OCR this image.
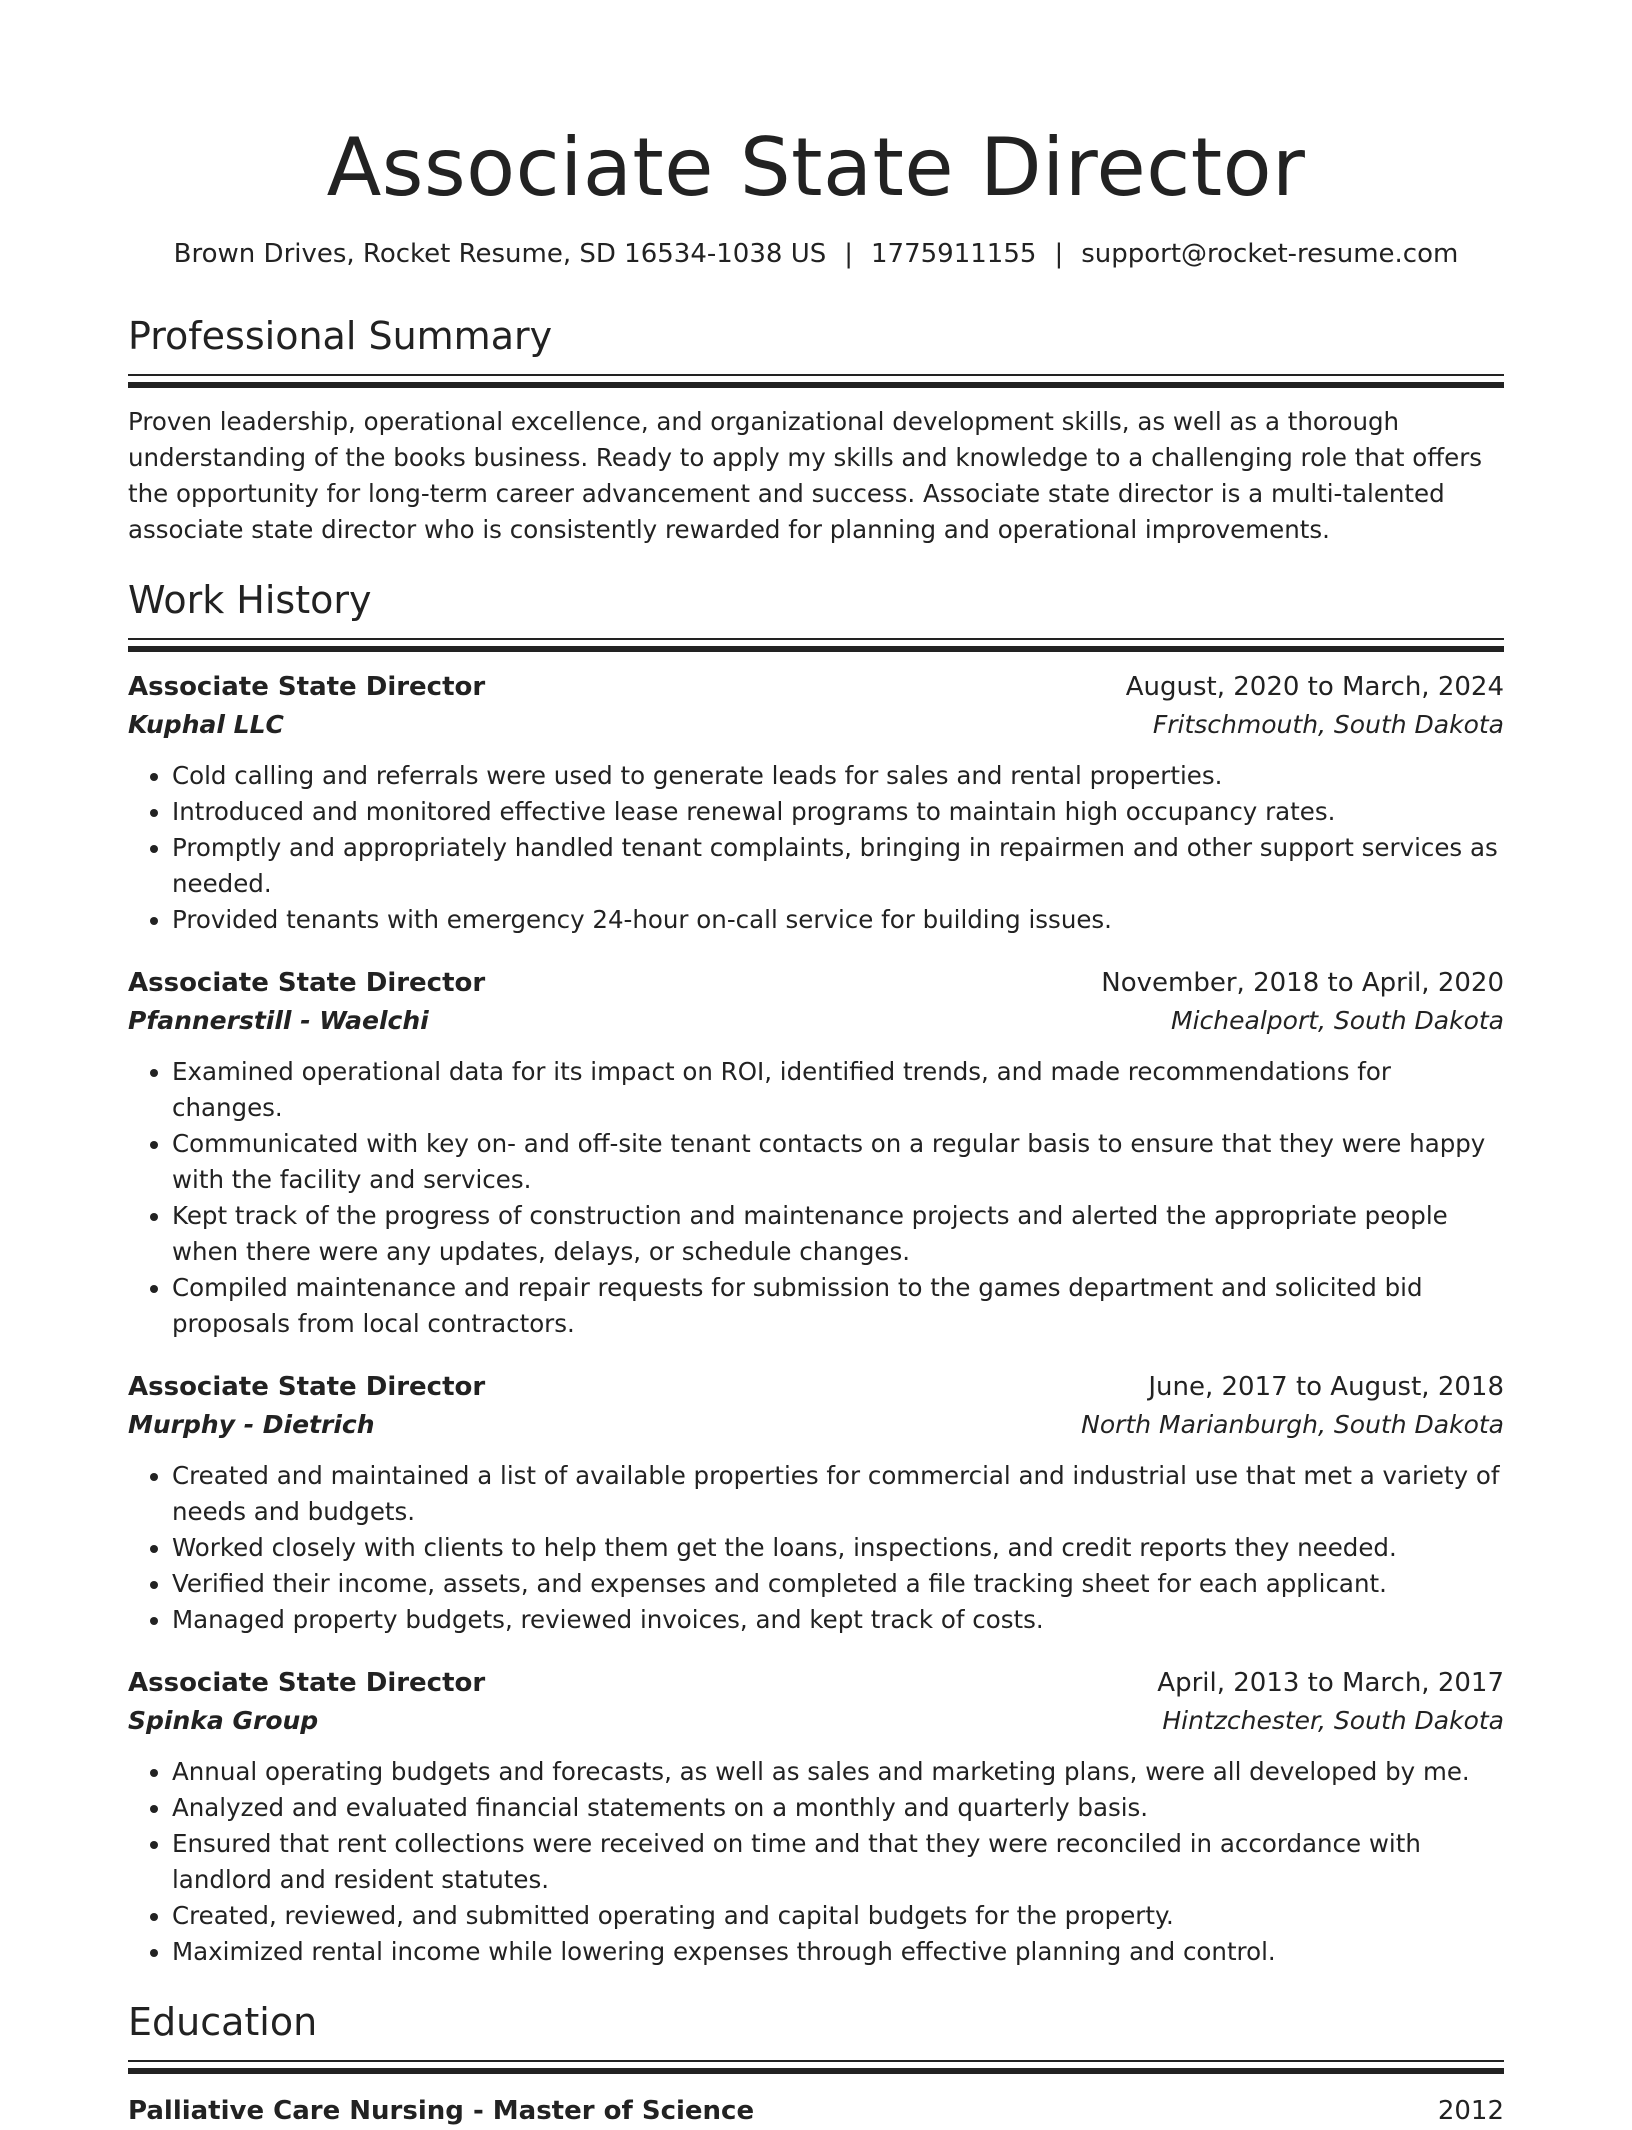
Associate State Director
Brown Drives, Rocket Resume, SD 16534-1038 US | 1775911155 | support@rocket-resume.com
Professional Summary
Proven leadership, operational excellence, and organizational development skills, as well as a thorough understanding of the books business. Ready to apply my skills and knowledge to a challenging role that offers the opportunity for long-term career advancement and success. Associate state director is a multi-talented associate state director who is consistently rewarded for planning and operational improvements.
Work History
Associate State Director	August, 2020 to March, 2024
Kuphal LLC	Fritschmouth, South Dakota
• Cold calling and referrals were used to generate leads for sales and rental properties.
• Introduced and monitored effective lease renewal programs to maintain high occupancy rates.
• Promptly and appropriately handled tenant complaints, bringing in repairmen and other support services as needed.
• Provided tenants with emergency 24-hour on-call service for building issues.
Associate State Director	November, 2018 to April, 2020
Pfannerstill - Waelchi	Michealport, South Dakota
• Examined operational data for its impact on ROI, identified trends, and made recommendations for changes.
• Communicated with key on- and off-site tenant contacts on a regular basis to ensure that they were happy with the facility and services.
• Kept track of the progress of construction and maintenance projects and alerted the appropriate people when there were any updates, delays, or schedule changes.
• Compiled maintenance and repair requests for submission to the games department and solicited bid proposals from local contractors.
Associate State Director	June, 2017 to August, 2018
Murphy - Dietrich	North Marianburgh, South Dakota
• Created and maintained a list of available properties for commercial and industrial use that met a variety of needs and budgets.
• Worked closely with clients to help them get the loans, inspections, and credit reports they needed.
• Verified their income, assets, and expenses and completed a file tracking sheet for each applicant.
• Managed property budgets, reviewed invoices, and kept track of costs.
Associate State Director	April, 2013 to March, 2017
Spinka Group	Hintzchester, South Dakota
• Annual operating budgets and forecasts, as well as sales and marketing plans, were all developed by me.
• Analyzed and evaluated financial statements on a monthly and quarterly basis.
• Ensured that rent collections were received on time and that they were reconciled in accordance with landlord and resident statutes.
• Created, reviewed, and submitted operating and capital budgets for the property.
• Maximized rental income while lowering expenses through effective planning and control.
Education
Palliative Care Nursing - Master of Science	2012
